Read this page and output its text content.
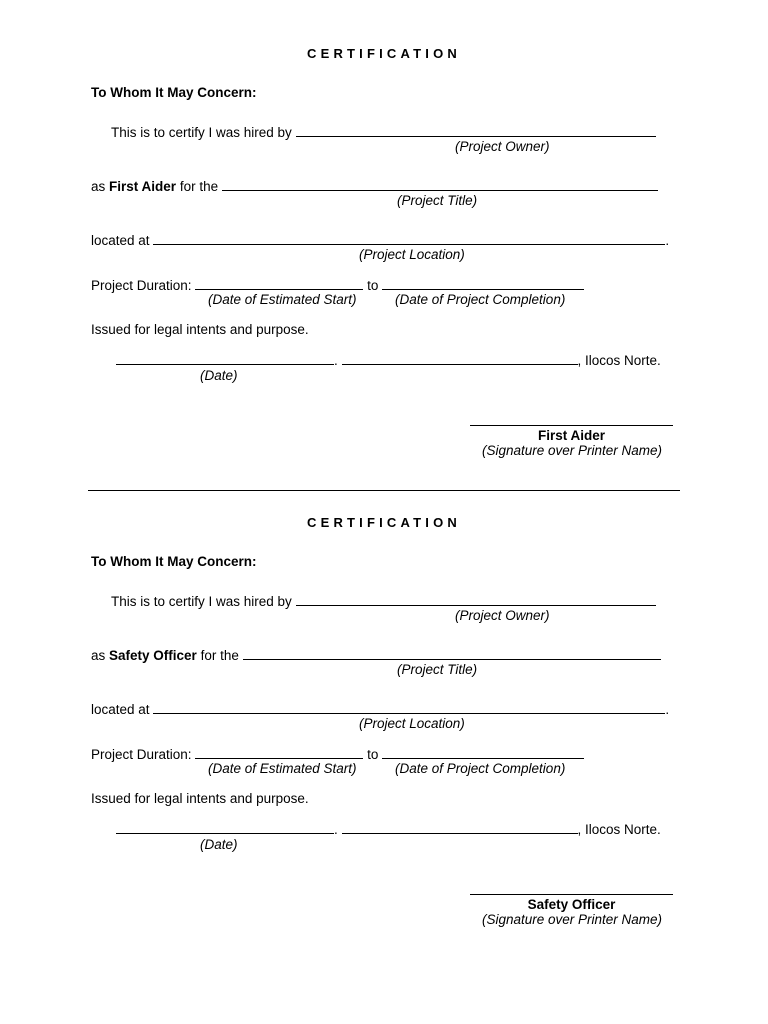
CERTIFICATION
To Whom It May Concern:
This is to certify I was hired by
(Project Owner)
as First Aider for the
(Project Title)
located at	.
(Project Location)
Project Duration:	to
(Date of Estimated Start)	(Date of Project Completion)
Issued for legal intents and purpose.
.	, Ilocos Norte.
(Date)
First Aider
(Signature over Printer Name)
CERTIFICATION
To Whom It May Concern:
This is to certify I was hired by
(Project Owner)
as Safety Officer for the
(Project Title)
located at	.
(Project Location)
Project Duration:	to
(Date of Estimated Start)	(Date of Project Completion)
Issued for legal intents and purpose.
.	, Ilocos Norte.
(Date)
Safety Officer
(Signature over Printer Name)
